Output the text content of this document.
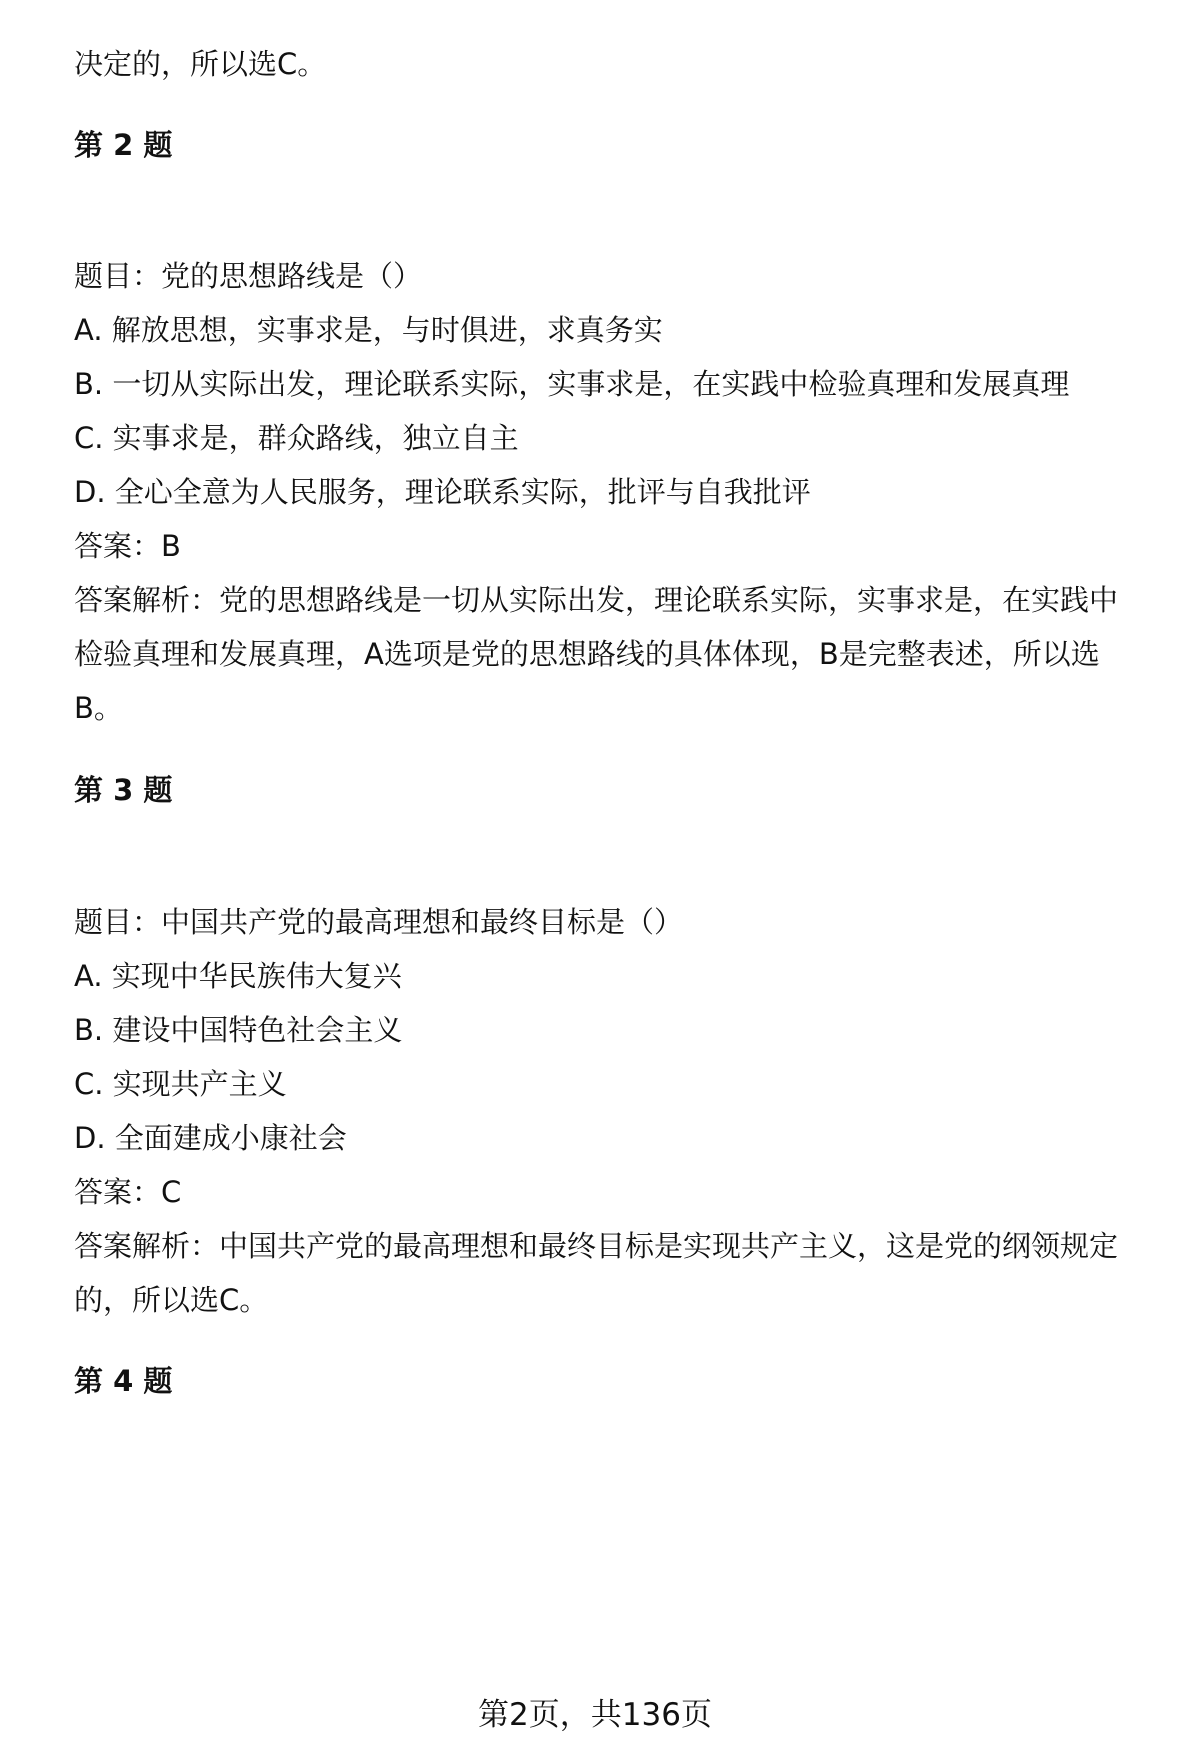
决定的，所以选C。

第 2 题

题目：党的思想路线是（）

A. 解放思想，实事求是，与时俱进，求真务实

B. 一切从实际出发，理论联系实际，实事求是，在实践中检验真理和发展真理

C. 实事求是，群众路线，独立自主

D. 全心全意为人民服务，理论联系实际，批评与自我批评

答案：B

答案解析：党的思想路线是一切从实际出发，理论联系实际，实事求是，在实践中

检验真理和发展真理，A选项是党的思想路线的具体体现，B是完整表述，所以选

B。

第 3 题

题目：中国共产党的最高理想和最终目标是（）

A. 实现中华民族伟大复兴

B. 建设中国特色社会主义

C. 实现共产主义

D. 全面建成小康社会

答案：C

答案解析：中国共产党的最高理想和最终目标是实现共产主义，这是党的纲领规定

的，所以选C。

第 4 题

第2页，共136页
